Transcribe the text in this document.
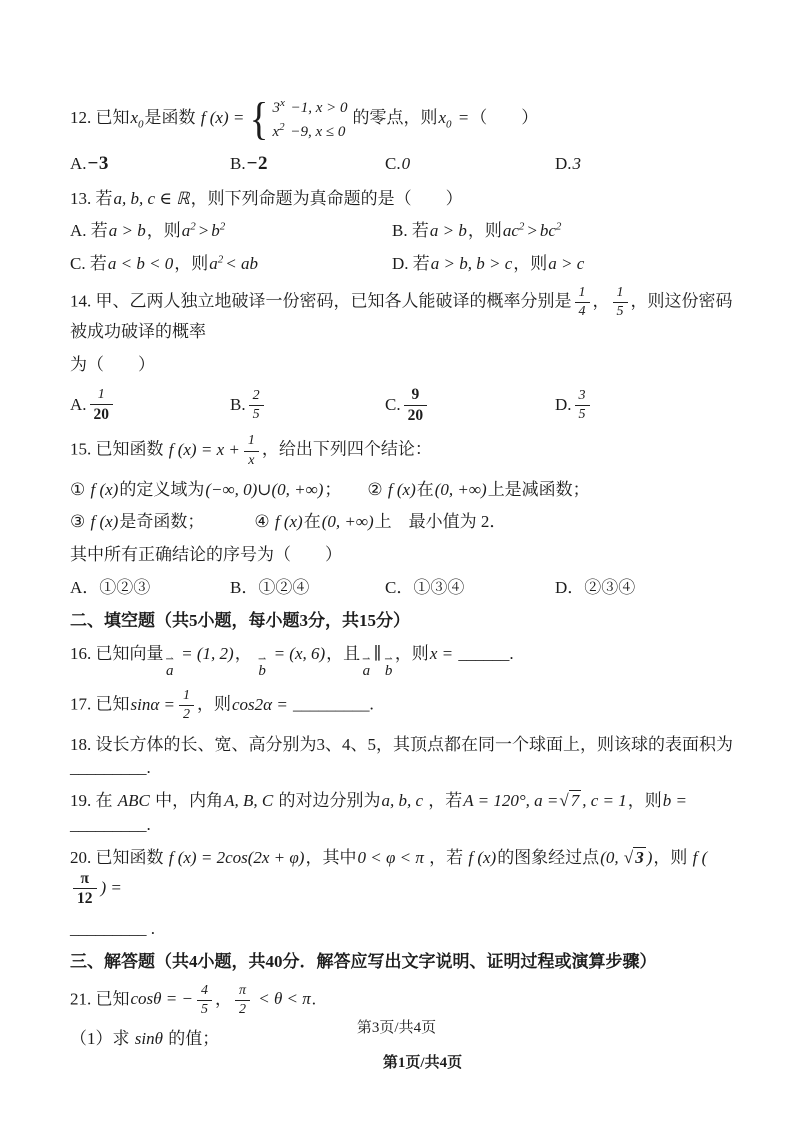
12. 已知$x_0$是函数 f (x) = { $3^x -1$, x > 0
$x^2 -9$, x ≤ 0
的零点，则$x_0$ =（　　）
A. −3	B. −2	C. 0	D. 3
13. 若a, b, c ∈ ℝ，则下列命题为真命题的是（　　）
A. 若 a > b ，则 $a^2 > b^2$	B. 若 a > b ，则 $ac^2 > bc^2$
C. 若 a < b < 0 ，则 $a^2$ < ab	D. 若 a > b, b > c ，则 a > c
14. 甲、乙两人独立地破译一份密码，已知各人能破译的概率分别是 $\frac{1}{4}$ ， $\frac{1}{5}$ ，则这份密码被成功破译的概率
为（　　）
A. $\frac{1}{20}$	B. $\frac{2}{5}$	C. $\frac{9}{20}$	D. $\frac{3}{5}$
15. 已知函数 f $(x) = x + \frac{1}{x}$ ，给出下列四个结论：
① f (x)的定义域为(−∞, 0)∪(0, +∞)； ② f (x)在(0, +∞)上是减函数；
③ f (x)是奇函数；	④ f (x)在(0, +∞)上　最小值为 2．
其中所有正确结论的序号为（　　）
A．①②③	B．①②④	C．①③④	D．②③④
二、填空题（共5小题，每小题3分，共15分）
16. 已知向量 ⇀
a
= (1, 2)， ⇀
b
= (x, 6)，且 ⇀
a
∥ ⇀
b
，则x = ______.
17. 已知$\sin\alpha = \frac{1}{2}$ ，则cos2α = _________.
18. 设长方体的长、宽、高分别为3、4、5，其顶点都在同一个球面上，则该球的表面积为_________.
19. 在 ABC 中，内角A, B, C 的对边分别为a, b, c ，若A = 120°, a =√ 7 , c = 1，则b = _________.
20. 已知函数 f (x) = 2cos(2x + φ)，其中0 < φ < π ，若 f (x)的图象经过点(0, √ 3 )，则 f (
$\frac{\pi}{12}$ ) =
_________ .
三、解答题（共4小题，共40分．解答应写出文字说明、证明过程或演算步骤）
21. 已知cosθ = − $\frac{4}{5}$ ， $\frac{\pi}{2} < \theta < \pi$.
（1）求 sinθ 的值；
第3页/共4页
第1页/共4页
